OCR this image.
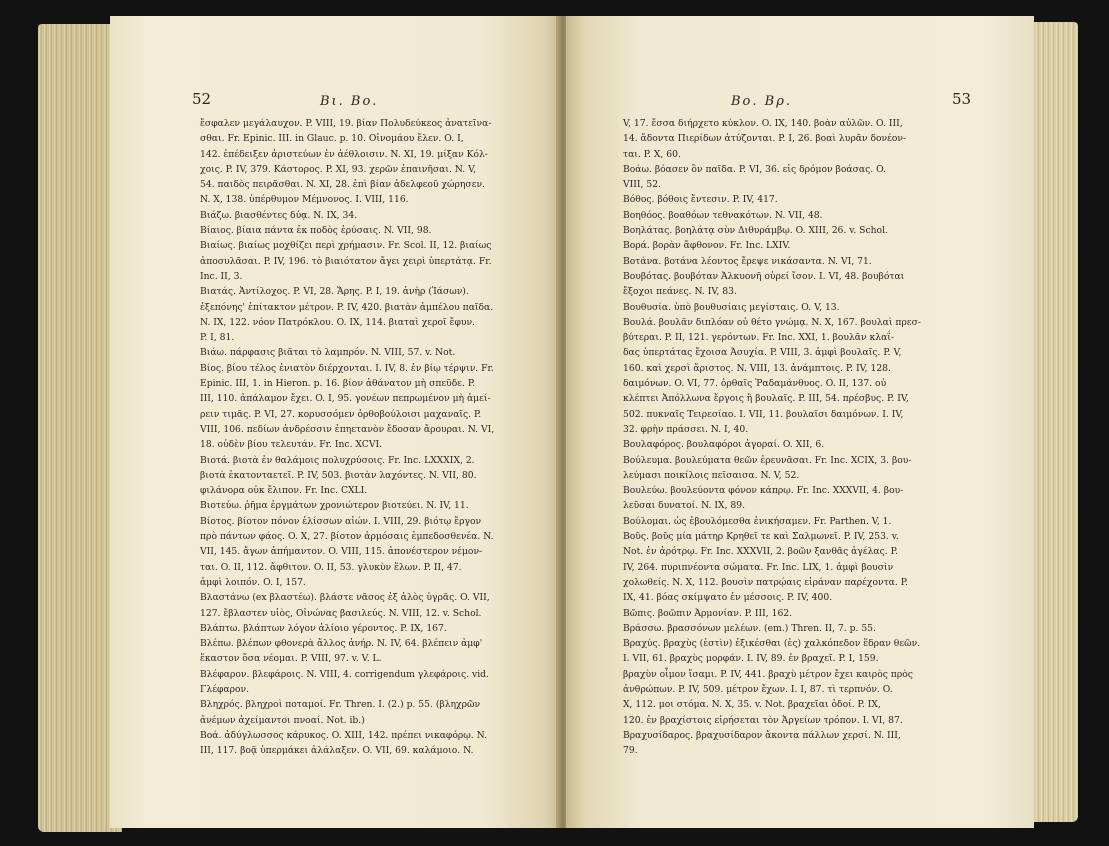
52	Βι. Βο.
ἔσφαλεν μεγάλαυχον. P. VIII, 19. βίαν Πολυδεύκεος ἀνατεῖνα-
σθαι. Fr. Epinic. III. in Glauc. p. 10. Οἰνομάου ἔλεν. O. I,
142. ἐπέδειξεν ἀριστεύων ἐν ἀέθλοισιν. N. XI, 19. μίξαν Κόλ-
χοις. P. IV, 379. Κάστορος. P. XI, 93. χερῶν ἐπαινῆσαι. N. V,
54. παιδὸς πειρᾶσθαι. N. XI, 28. ἐπὶ βίαν ἀδελφεοῦ χώρησεν.
N. X, 138. ὑπέρθυμον Μέμνονος. I. VIII, 116.
Βιάζω. βιασθέντες δύᾳ. N. IX, 34.
Βίαιος. βίαια πάντα ἐκ ποδὸς ἐρύσαις. N. VII, 98.
Βιαίως. βιαίως μοχθίζει περὶ χρήμασιν. Fr. Scol. II, 12. βιαίως
ἀποσυλᾶσαι. P. IV, 196. τὸ βιαιότατον ἄγει χειρὶ ὑπερτάτᾳ. Fr.
Inc. II, 3.
Βιατάς. Ἀντίλοχος. P. VI, 28. Ἄρης. P. I, 19. ἀνὴρ (Ἰάσων).
ἐξεπόνης' ἐπίτακτον μέτρον. P. IV, 420. βιατὰν ἀμπέλου παῖδα.
N. IX, 122. νόον Πατρόκλου. O. IX, 114. βιαταὶ χεροῖ ἔφυν.
P. I, 81.
Βιάω. πάρφασις βιᾶται τὸ λαμπρόν. N. VIII, 57. v. Not.
Βίος. βίου τέλος ἐνιατὸν διέρχονται. I. IV, 8. ἐν βίῳ τέρψιν. Fr.
Epinic. III, 1. in Hieron. p. 16. βίον ἀθάνατον μὴ σπεῦδε. P.
III, 110. ἀπάλαμον ἔχει. O. I, 95. γονέων πεπρωμένον μὴ ἀμεί-
ρειν τιμᾶς. P. VI, 27. κορυσσόμεν ὀρθοβούλοισι μαχαναῖς. P.
VIII, 106. πεδίων ἀνδρέσσιν ἐπηετανὸν ἔδοσαν ἄρουραι. N. VI,
18. οὐδὲν βίου τελευτάν. Fr. Inc. XCVI.
Βιοτά. βιοτὰ ἐν θαλάμοις πολυχρύσοις. Fr. Inc. LXXXIX, 2.
βιοτὰ ἑκατονταετεῖ. P. IV, 503. βιοτὰν λαχόντες. N. VII, 80.
φιλάνορα οὐκ ἔλιπον. Fr. Inc. CXLI.
Βιοτεύω. ῥῆμα ἐργμάτων χρονιώτερον βιοτεύει. N. IV, 11.
Βίοτος. βίοτον πόνον ἐλίσσων αἰών. I. VIII, 29. βιότῳ ἔργον
πρὸ πάντων φάος. O. X, 27. βίοτον ἁρμόσαις ἐμπεδοσθενέα. N.
VII, 145. ἄγων ἀπήμαντον. O. VIII, 115. ἀπονέστερον νέμον-
ται. O. II, 112. ἄφθιτον. O. II, 53. γλυκὺν ἕλων. P. II, 47.
ἀμφὶ λοιπόν. O. I, 157.
Βλαστάνω (ex βλαστέω). βλάστε νᾶσος ἐξ ἁλὸς ὑγρᾶς. O. VII,
127. ἔβλαστεν υἱὸς, Οἰνώνας βασιλεύς. N. VIII, 12. v. Schol.
Βλάπτω. βλάπτων λόγον ἀλίοιο γέροντος. P. IX, 167.
Βλέπω. βλέπων φθονερὰ ἄλλος ἀνήρ. N. IV, 64. βλέπειν ἀμφ'
ἕκαστον ὅσα νέομαι. P. VIII, 97. v. V. L.
Βλέφαρον. βλεφάροις. N. VIII, 4. corrigendum γλεφάροις. vid.
Γλέφαρον.
Βληχρός. βληχροὶ ποταμοί. Fr. Thren. I. (2.) p. 55. (βληχρῶν
ἀνέμων ἀχείμαντοι πνοαί. Not. ib.)
Βοά. ἀδύγλωσσος κάρυκος. O. XIII, 142. πρέπει νικαφόρῳ. N.
III, 117. βοᾷ ὑπερμάκει ἀλάλαξεν. O. VII, 69. καλάμοιο. N.
Βο. Βρ.	53
V, 17. ἕσσα διήρχετο κύκλον. O. IX, 140. βοὰν αὐλῶν. O. III,
14. ἄδοντα Πιερίδων ἀτύζονται. P. I, 26. βοαὶ λυρᾶν δονέον-
ται. P. X, 60.
Βοάω. βόασεν ὃν παῖδα. P. VI, 36. εἰς δρόμον βοάσας. O.
VIII, 52.
Βόθος. βόθοις ἔντεσιν. P. IV, 417.
Βοηθόος. βοαθόων τεθνακότων. N. VII, 48.
Βοηλάτας. βοηλάτᾳ σὺν Διθυράμβῳ. O. XIII, 26. v. Schol.
Βορά. βορὰν ἄφθονον. Fr. Inc. LXIV.
Βοτάνα. βοτάνα λέοντος ἔρεψε νικάσαντα. N. VI, 71.
Βουβότας. βουβόταν Ἀλκυονῆ οὐρεί ἴσον. I. VI, 48. βουβόται
ἔξοχοι πεάνες. N. IV, 83.
Βουθυσία. ὑπὸ βουθυσίαις μεγίσταις. O. V, 13.
Βουλά. βουλᾶν διπλόαν οὐ θέτο γνώμᾳ. N. X, 167. βουλαὶ πρεσ-
βύτεραι. P. II, 121. γερόντων. Fr. Inc. XXI, 1. βουλᾶν κλαΐ-
δας ὑπερτάτας ἔχοισα Ἀσυχία. P. VIII, 3. ἀμφὶ βουλαῖς. P. V,
160. καὶ χερσὶ ἄριστος. N. VIII, 13. ἀνάμπτοις. P. IV, 128.
δαιμόνων. O. VI, 77. ὀρθαῖς Ῥαδαμάνθυος. O. II, 137. οὐ
κλέπτει Ἀπόλλωνα ἔργοις ἢ βουλαῖς. P. III, 54. πρέσβυς. P. IV,
502. πυκναῖς Τειρεσίαο. I. VII, 11. βουλαῖσι δαιμόνων. I. IV,
32. φρὴν πράσσει. N. I, 40.
Βουλαφόρος. βουλαφόροι ἀγοραί. O. XII, 6.
Βούλευμα. βουλεύματα θεῶν ἐρευνᾶσαι. Fr. Inc. XCIX, 3. βου-
λεύμασι ποικίλοις πεῖσαισα. N. V, 52.
Βουλεύω. βουλεύοντα φόνον κάπρῳ. Fr. Inc. XXXVII, 4. βου-
λεῦσαι δυνατοί. N. IX, 89.
Βούλομαι. ὡς ἐβουλόμεσθα ἐνικήσαμεν. Fr. Parthen. V, 1.
Βοῦς. βοῦς μία μάτηρ Κρηθεῖ τε καὶ Σαλμωνεῖ. P. IV, 253. v.
Not. ἐν ἀρότρῳ. Fr. Inc. XXXVII, 2. βοῶν ξανθᾶς ἀγέλας. P.
IV, 264. πυριπνέοντα σώματα. Fr. Inc. LIX, 1. ἀμφὶ βουσὶν
χολωθείς. N. X, 112. βουσὶν πατρῴαις εἰράναν παρέχοντα. P.
IX, 41. βόας σκίμψατο ἐν μέσσοις. P. IV, 400.
Βῶπις. βοῶπιν Ἀρμονίαν. P. III, 162.
Βράσσω. βρασσόνων μελέων. (em.) Thren. II, 7. p. 55.
Βραχύς. βραχὺς (ἐστὶν) ἐξικέσθαι (ἐς) χαλκόπεδον ἕδραν θεῶν.
I. VII, 61. βραχὺς μορφάν. I. IV, 89. ἐν βραχεῖ. P. I, 159.
βραχὺν οἶμον ἴσαμι. P. IV, 441. βραχὺ μέτρον ἔχει καιρὸς πρὸς
ἀνθρώπων. P. IV, 509. μέτρον ἔχων. I. I, 87. τὶ τερπνόν. O.
X, 112. μοι στόμα. N. X, 35. v. Not. βραχεῖαι ὁδοί. P. IX,
120. ἐν βραχίστοις εἰρήσεται τὸν Ἀργείων τρόπον. I. VI, 87.
Βραχυσίδαρος. βραχυσίδαρον ἄκοντα πάλλων χερσί. N. III,
79.
